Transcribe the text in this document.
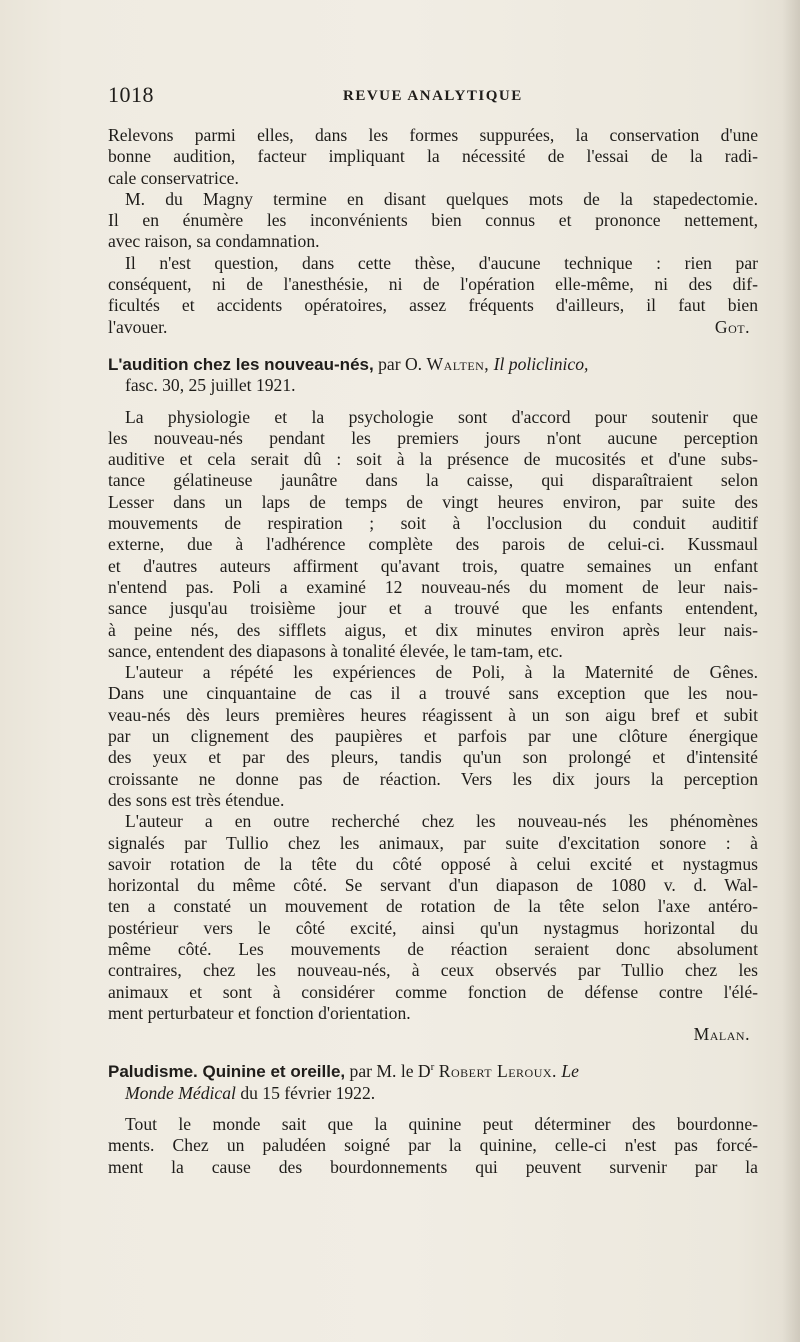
1018	REVUE ANALYTIQUE
Relevons parmi elles, dans les formes suppurées, la conservation d'une
bonne audition, facteur impliquant la nécessité de l'essai de la radi-
cale conservatrice.
M. du Magny termine en disant quelques mots de la stapedectomie.
Il en énumère les inconvénients bien connus et prononce nettement,
avec raison, sa condamnation.
Il n'est question, dans cette thèse, d'aucune technique : rien par
conséquent, ni de l'anesthésie, ni de l'opération elle-même, ni des dif-
ficultés et accidents opératoires, assez fréquents d'ailleurs, il faut bien
l'avouer.	Got.
L'audition chez les nouveau-nés, par O. Walten, Il policlinico,
fasc. 30, 25 juillet 1921.
La physiologie et la psychologie sont d'accord pour soutenir que
les nouveau-nés pendant les premiers jours n'ont aucune perception
auditive et cela serait dû : soit à la présence de mucosités et d'une subs-
tance gélatineuse jaunâtre dans la caisse, qui disparaîtraient selon
Lesser dans un laps de temps de vingt heures environ, par suite des
mouvements de respiration ; soit à l'occlusion du conduit auditif
externe, due à l'adhérence complète des parois de celui-ci. Kussmaul
et d'autres auteurs affirment qu'avant trois, quatre semaines un enfant
n'entend pas. Poli a examiné 12 nouveau-nés du moment de leur nais-
sance jusqu'au troisième jour et a trouvé que les enfants entendent,
à peine nés, des sifflets aigus, et dix minutes environ après leur nais-
sance, entendent des diapasons à tonalité élevée, le tam-tam, etc.
L'auteur a répété les expériences de Poli, à la Maternité de Gênes.
Dans une cinquantaine de cas il a trouvé sans exception que les nou-
veau-nés dès leurs premières heures réagissent à un son aigu bref et subit
par un clignement des paupières et parfois par une clôture énergique
des yeux et par des pleurs, tandis qu'un son prolongé et d'intensité
croissante ne donne pas de réaction. Vers les dix jours la perception
des sons est très étendue.
L'auteur a en outre recherché chez les nouveau-nés les phénomènes
signalés par Tullio chez les animaux, par suite d'excitation sonore : à
savoir rotation de la tête du côté opposé à celui excité et nystagmus
horizontal du même côté. Se servant d'un diapason de 1080 v. d. Wal-
ten a constaté un mouvement de rotation de la tête selon l'axe antéro-
postérieur vers le côté excité, ainsi qu'un nystagmus horizontal du
même côté. Les mouvements de réaction seraient donc absolument
contraires, chez les nouveau-nés, à ceux observés par Tullio chez les
animaux et sont à considérer comme fonction de défense contre l'élé-
ment perturbateur et fonction d'orientation.
Malan.
Paludisme. Quinine et oreille, par M. le $D^r$ Robert Leroux. Le
Monde Médical du 15 février 1922.
Tout le monde sait que la quinine peut déterminer des bourdonne-
ments. Chez un paludéen soigné par la quinine, celle-ci n'est pas forcé-
ment la cause des bourdonnements qui peuvent survenir par la
